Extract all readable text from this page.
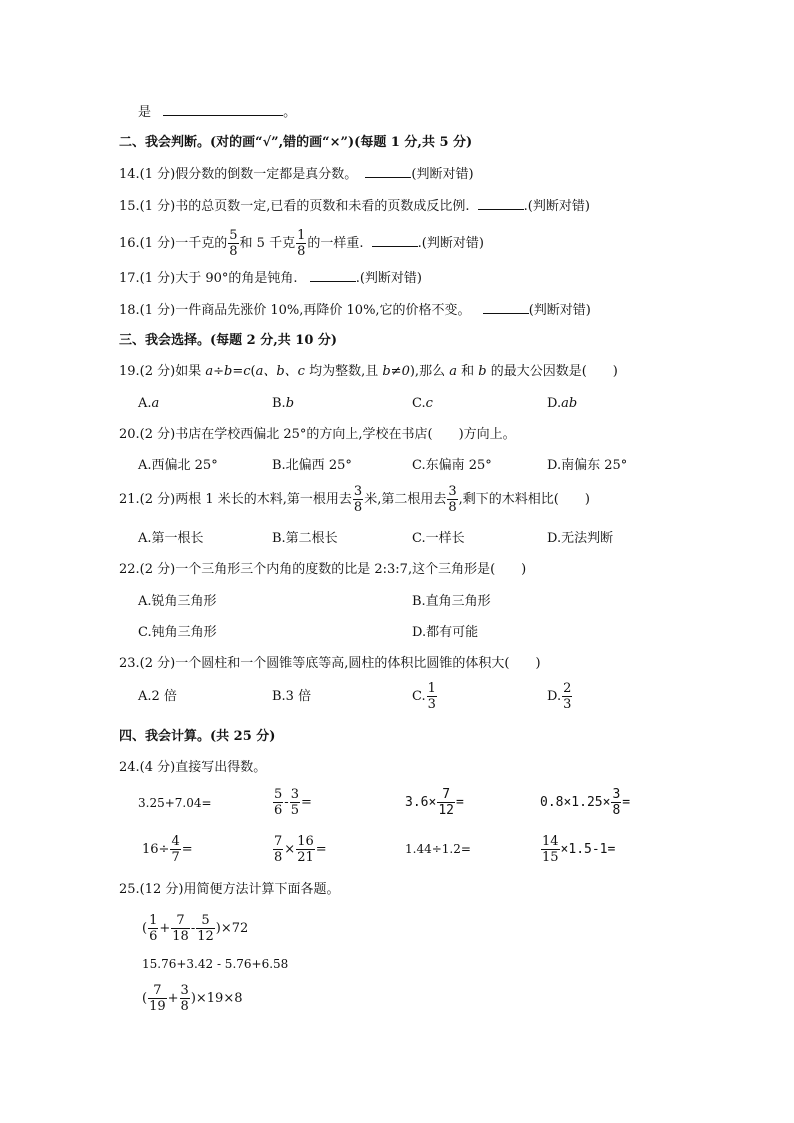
是	。
二、我会判断。(对的画“√”,错的画“×”)(每题 1 分,共 5 分)
14.(1 分)假分数的倒数一定都是真分数。	(判断对错)
15.(1 分)书的总页数一定,已看的页数和未看的页数成反比例.	.(判断对错)
16.(1 分)一千克的 $\frac{5}{8}$ 和 5 千克 $\frac{1}{8}$ 的一样重.	.(判断对错)
17.(1 分)大于 90°的角是钝角.	.(判断对错)
18.(1 分)一件商品先涨价 10%,再降价 10%,它的价格不变。	(判断对错)
三、我会选择。(每题 2 分,共 10 分)
19.(2 分)如果 a÷b=c(a、b、c 均为整数,且 b≠0),那么 a 和 b 的最大公因数是(　　)
A.a	B.b	C.c	D.ab
20.(2 分)书店在学校西偏北 25°的方向上,学校在书店(　　)方向上。
A.西偏北 25°	B.北偏西 25°	C.东偏南 25°	D.南偏东 25°
21.(2 分)两根 1 米长的木料,第一根用去 $\frac{3}{8}$ 米,第二根用去 $\frac{3}{8}$ ,剩下的木料相比(　　)
A.第一根长	B.第二根长	C.一样长	D.无法判断
22.(2 分)一个三角形三个内角的度数的比是 2:3:7,这个三角形是(　　)
A.锐角三角形	B.直角三角形
C.钝角三角形	D.都有可能
23.(2 分)一个圆柱和一个圆锥等底等高,圆柱的体积比圆锥的体积大(　　)
A.2 倍	B.3 倍	C. $\frac{1}{3}$	D. $\frac{2}{3}$
四、我会计算。(共 25 分)
24.(4 分)直接写出得数。
3.25+7.04=	$\frac{5}{6} - \frac{3}{5}$ =	$3.6\times \frac{7}{12}$ =	$0.8\times 1.25\times \frac{3}{8}$ =
$16\div \frac{4}{7}$ =	$\frac{7}{8} \times \frac{16}{21}$ =	1.44÷1.2=	$\frac{14}{15} \times 1.5-1=$
25.(12 分)用简便方法计算下面各题。
( $\frac{1}{6} + \frac{7}{18} - \frac{5}{12} )\times 72$
15.76+3.42 - 5.76+6.58
( $\frac{7}{19} + \frac{3}{8} )\times 19\times 8$
